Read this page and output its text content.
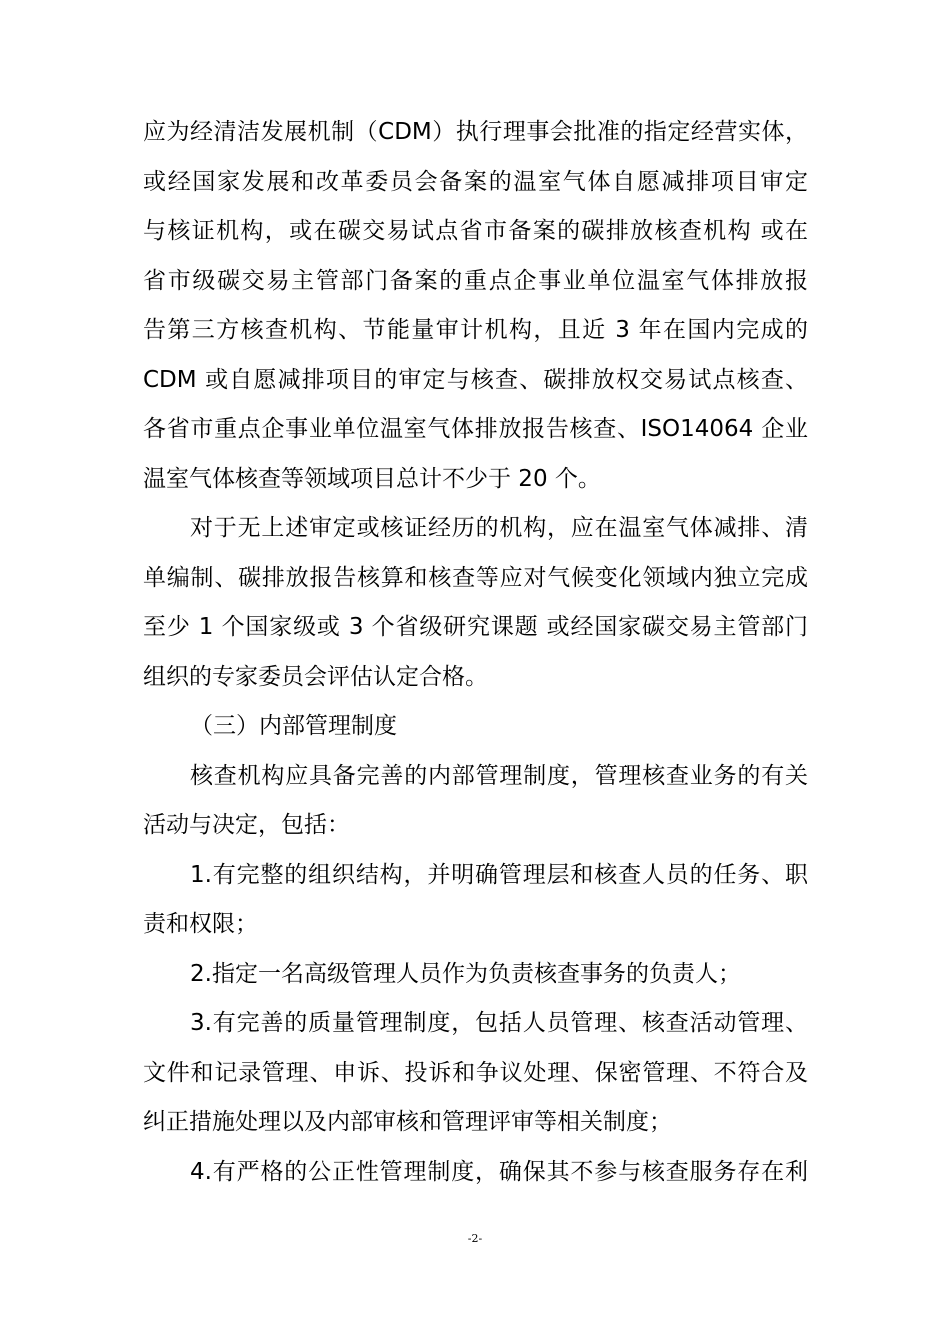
应为经清洁发展机制（CDM）执行理事会批准的指定经营实体，
或经国家发展和改革委员会备案的温室气体自愿减排项目审定
与核证机构，或在碳交易试点省市备案的碳排放核查机构 或在
省市级碳交易主管部门备案的重点企事业单位温室气体排放报
告第三方核查机构、节能量审计机构，且近 3 年在国内完成的
CDM 或自愿减排项目的审定与核查、碳排放权交易试点核查、
各省市重点企事业单位温室气体排放报告核查、ISO14064 企业
温室气体核查等领域项目总计不少于 20 个。
对于无上述审定或核证经历的机构，应在温室气体减排、清
单编制、碳排放报告核算和核查等应对气候变化领域内独立完成
至少 1 个国家级或 3 个省级研究课题 或经国家碳交易主管部门
组织的专家委员会评估认定合格。
（三）内部管理制度
核查机构应具备完善的内部管理制度，管理核查业务的有关
活动与决定，包括：
1.有完整的组织结构，并明确管理层和核查人员的任务、职
责和权限；
2.指定一名高级管理人员作为负责核查事务的负责人；
3.有完善的质量管理制度，包括人员管理、核查活动管理、
文件和记录管理、申诉、投诉和争议处理、保密管理、不符合及
纠正措施处理以及内部审核和管理评审等相关制度；
4.有严格的公正性管理制度，确保其不参与核查服务存在利
-2-
